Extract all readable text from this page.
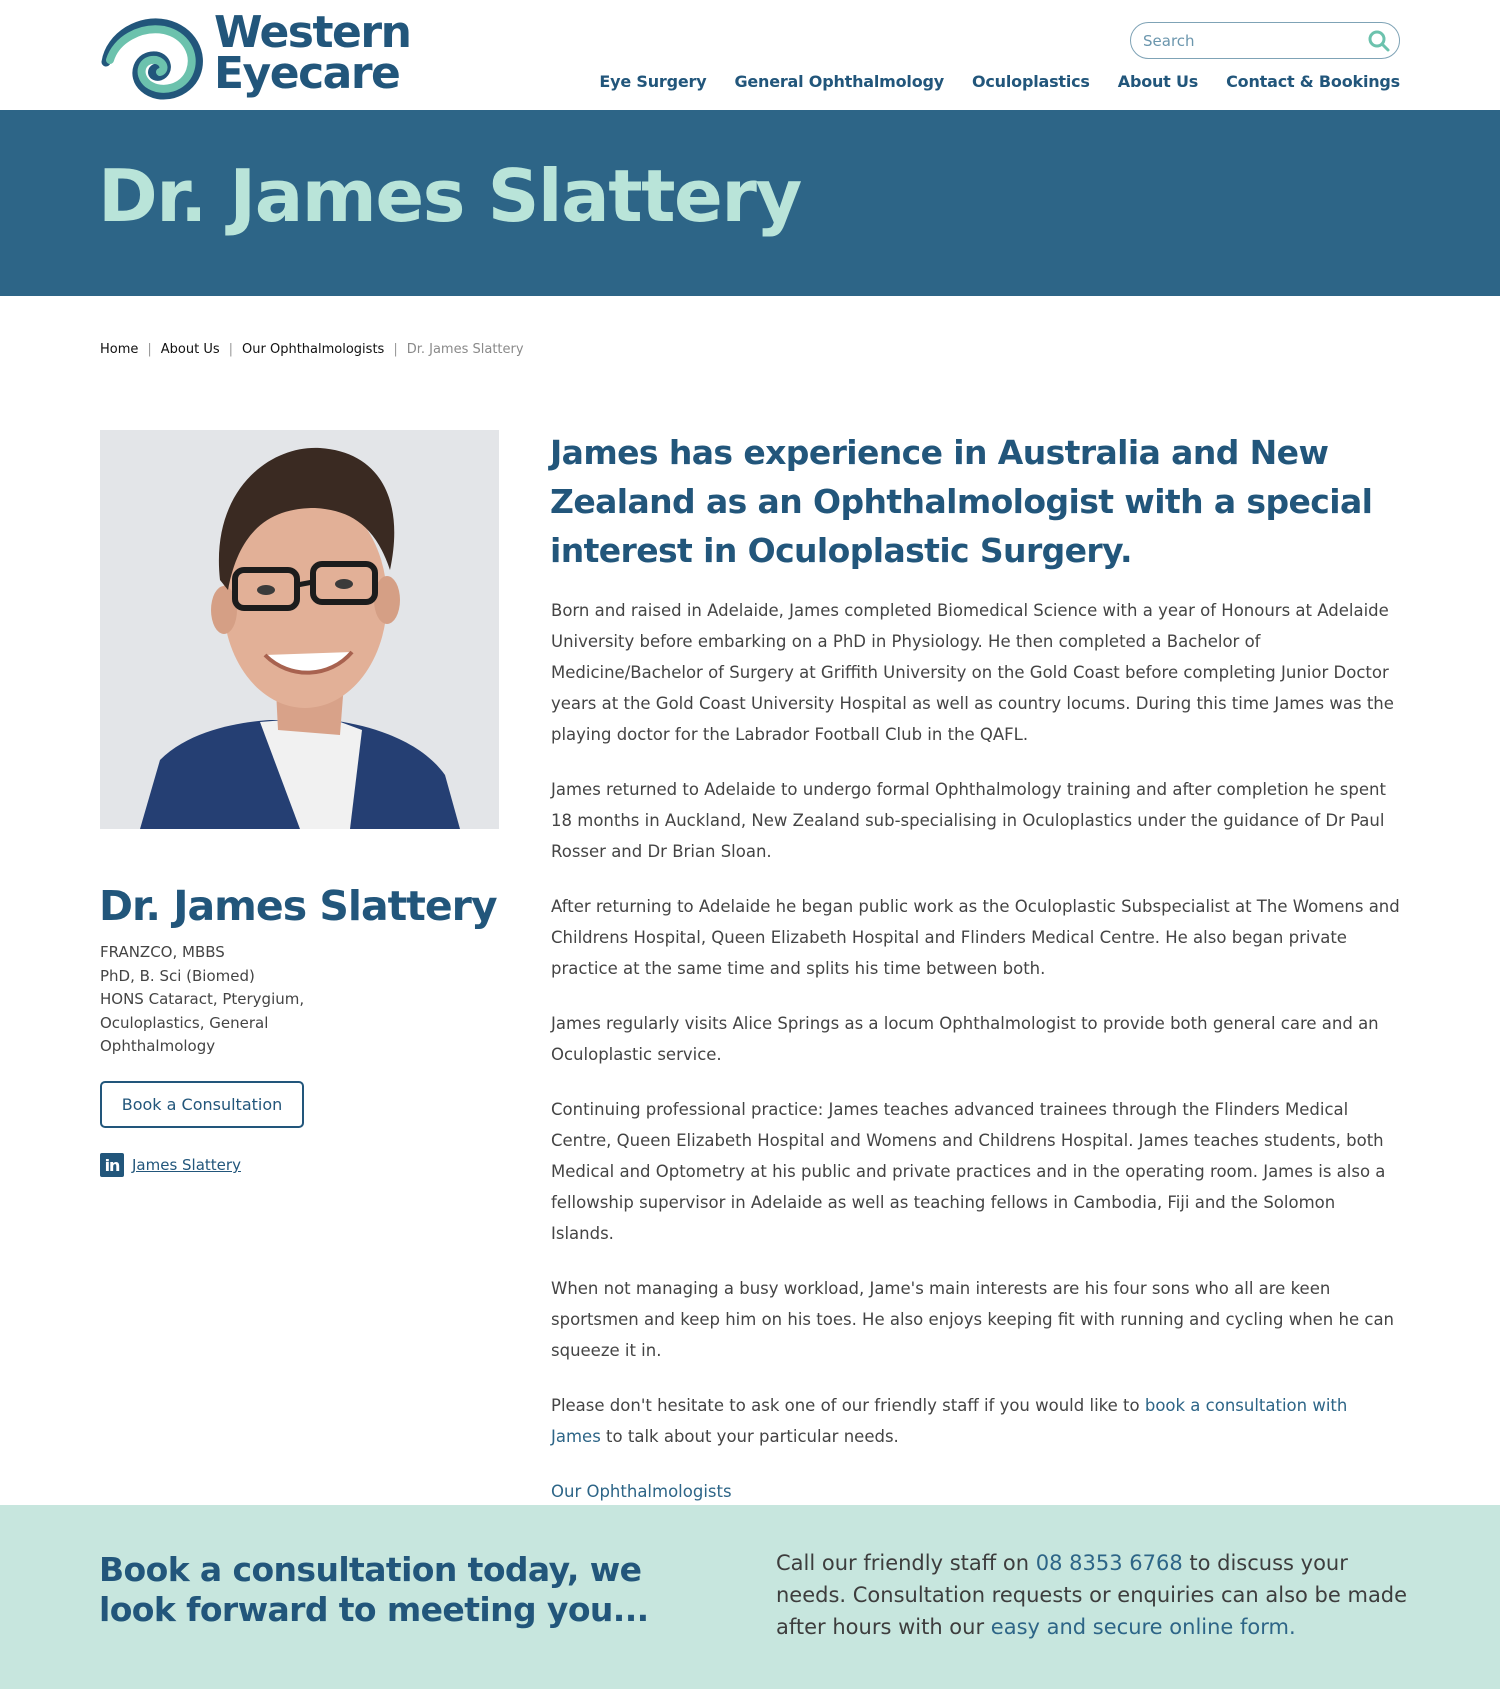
Western
Eyecare
Search	Eye Surgery General Ophthalmology Oculoplastics About Us Contact & Bookings
Dr. James Slattery
Home | About Us | Our Ophthalmologists | Dr. James Slattery
Dr. James Slattery
FRANZCO, MBBS
PhD, B. Sci (Biomed)
HONS Cataract, Pterygium,
Oculoplastics, General
Ophthalmology
Book a Consultation
in James Slattery
James has experience in Australia and New Zealand as an Ophthalmologist with a special interest in Oculoplastic Surgery.

Born and raised in Adelaide, James completed Biomedical Science with a year of Honours at Adelaide University before embarking on a PhD in Physiology. He then completed a Bachelor of Medicine/Bachelor of Surgery at Griffith University on the Gold Coast before completing Junior Doctor years at the Gold Coast University Hospital as well as country locums. During this time James was the playing doctor for the Labrador Football Club in the QAFL.

James returned to Adelaide to undergo formal Ophthalmology training and after completion he spent 18 months in Auckland, New Zealand sub-specialising in Oculoplastics under the guidance of Dr Paul Rosser and Dr Brian Sloan.

After returning to Adelaide he began public work as the Oculoplastic Subspecialist at The Womens and Childrens Hospital, Queen Elizabeth Hospital and Flinders Medical Centre. He also began private practice at the same time and splits his time between both.

James regularly visits Alice Springs as a locum Ophthalmologist to provide both general care and an Oculoplastic service.

Continuing professional practice: James teaches advanced trainees through the Flinders Medical Centre, Queen Elizabeth Hospital and Womens and Childrens Hospital. James teaches students, both Medical and Optometry at his public and private practices and in the operating room. James is also a fellowship supervisor in Adelaide as well as teaching fellows in Cambodia, Fiji and the Solomon Islands.

When not managing a busy workload, Jame's main interests are his four sons who all are keen sportsmen and keep him on his toes. He also enjoys keeping fit with running and cycling when he can squeeze it in.

Please don't hesitate to ask one of our friendly staff if you would like to book a consultation with James to talk about your particular needs.

Our Ophthalmologists

Book a consultation today, we look forward to meeting you...

Call our friendly staff on 08 8353 6768 to discuss your needs. Consultation requests or enquiries can also be made after hours with our easy and secure online form.
